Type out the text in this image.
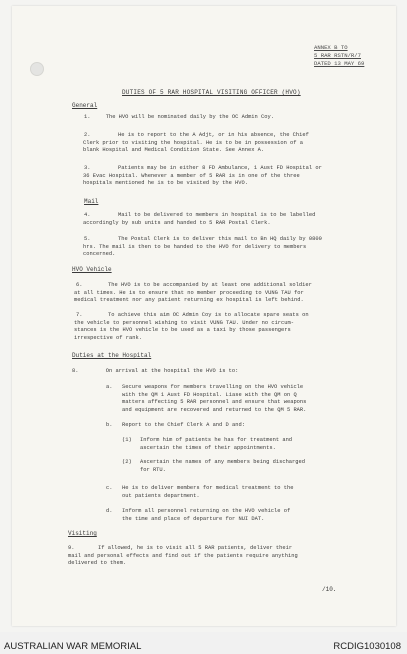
ANNEX B TO
5 RAR RSTN/R/7
DATED 13 MAY 69
DUTIES OF 5 RAR HOSPITAL VISITING OFFICER (HVO)
General
1.	The HVO will be nominated daily by the OC Admin Coy.
2.	He is to report to the A Adjt, or in his absence, the Chief
Clerk prior to visiting the hospital. He is to be in possession of a
blank Hospital and Medical Condition State. See Annex A.
3.	Patients may be in either 8 FD Ambulance, 1 Aust FD Hospital or
36 Evac Hospital. Whenever a member of 5 RAR is in one of the three
hospitals mentioned he is to be visited by the HVO.
Mail
4.	Mail to be delivered to members in hospital is to be labelled
accordingly by sub units and handed to 5 RAR Postal Clerk.
5.	The Postal Clerk is to deliver this mail to Bn HQ daily by 0800
hrs. The mail is then to be handed to the HVO for delivery to members
concerned.
HVO Vehicle
6.	The HVO is to be accompanied by at least one additional soldier
at all times. He is to ensure that no member proceeding to VUNG TAU for
medical treatment nor any patient returning ex hospital is left behind.
7.	To achieve this aim OC Admin Coy is to allocate spare seats on
the vehicle to personnel wishing to visit VUNG TAU. Under no circum-
stances is the HVO vehicle to be used as a taxi by those passengers
irrespective of rank.
Duties at the Hospital
8.	On arrival at the hospital the HVO is to:
a. Secure weapons for members travelling on the HVO vehicle
with the QM 1 Aust FD Hospital. Liase with the QM on Q
matters affecting 5 RAR personnel and ensure that weapons
and equipment are recovered and returned to the QM 5 RAR.
b. Report to the Chief Clerk A and D and:
(1) Inform him of patients he has for treatment and
ascertain the times of their appointments.
(2) Ascertain the names of any members being discharged
for RTU.
c. He is to deliver members for medical treatment to the
out patients department.
d. Inform all personnel returning on the HVO vehicle of
the time and place of departure for NUI DAT.
Visiting
9.	If allowed, he is to visit all 5 RAR patients, deliver their
mail and personal effects and find out if the patients require anything
delivered to them.
/10.
AUSTRALIAN WAR MEMORIAL	RCDIG1030108
